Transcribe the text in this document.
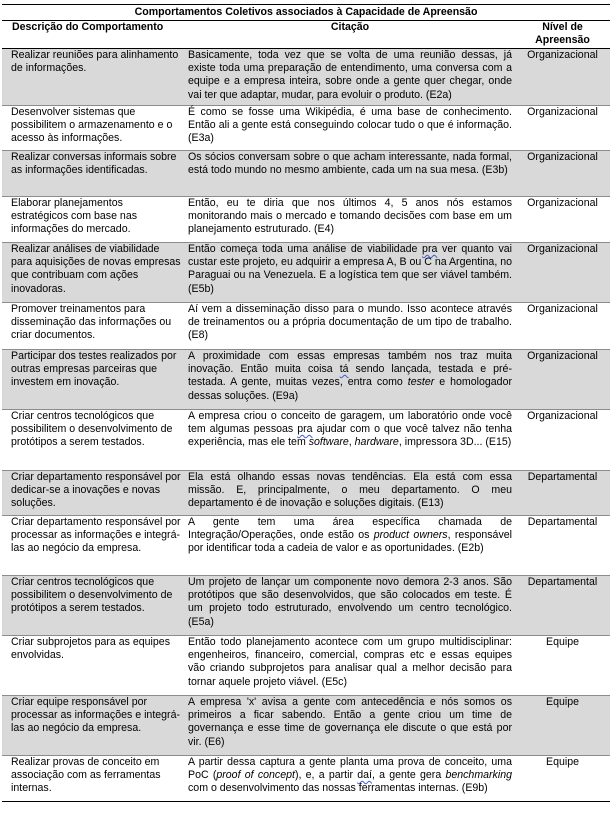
Comportamentos Coletivos associados à Capacidade de Apreensão		
Descrição do Comportamento	Citação	Nível de Apreensão
Realizar reuniões para alinhamento de informações.	Basicamente, toda vez que se volta de uma reunião dessas, já existe toda uma preparação de entendimento, uma conversa com a equipe e a empresa inteira, sobre onde a gente quer chegar, onde vai ter que adaptar, mudar, para evoluir o produto. (E2a)	Organizacional
Desenvolver sistemas que possibilitem o armazenamento e o acesso às informações.	É como se fosse uma Wikipédia, é uma base de conhecimento. Então ali a gente está conseguindo colocar tudo o que é informação. (E3a)	Organizacional
Realizar conversas informais sobre as informações identificadas.	Os sócios conversam sobre o que acham interessante, nada formal, está todo mundo no mesmo ambiente, cada um na sua mesa. (E3b)	Organizacional
Elaborar planejamentos estratégicos com base nas informações do mercado.	Então, eu te diria que nos últimos 4, 5 anos nós estamos monitorando mais o mercado e tomando decisões com base em um planejamento estruturado. (E4)	Organizacional
Realizar análises de viabilidade para aquisições de novas empresas que contribuam com ações inovadoras.	Então começa toda uma análise de viabilidade pra ver quanto vai custar este projeto, eu adquirir a empresa A, B ou C na Argentina, no Paraguai ou na Venezuela. E a logística tem que ser viável também. (E5b)	Organizacional
Promover treinamentos para disseminação das informações ou criar documentos.	Aí vem a disseminação disso para o mundo. Isso acontece através de treinamentos ou a própria documentação de um tipo de trabalho. (E8)	Organizacional
Participar dos testes realizados por outras empresas parceiras que investem em inovação.	A proximidade com essas empresas também nos traz muita inovação. Então muita coisa tá sendo lançada, testada e pré-testada. A gente, muitas vezes, entra como tester e homologador dessas soluções. (E9a)	Organizacional
Criar centros tecnológicos que possibilitem o desenvolvimento de protótipos a serem testados.	A empresa criou o conceito de garagem, um laboratório onde você tem algumas pessoas pra ajudar com o que você talvez não tenha experiência, mas ele tem software, hardware, impressora 3D... (E15)	Organizacional
Criar departamento responsável por dedicar-se a inovações e novas soluções.	Ela está olhando essas novas tendências. Ela está com essa missão. E, principalmente, o meu departamento. O meu departamento é de inovação e soluções digitais. (E13)	Departamental
Criar departamento responsável por processar as informações e integrá-las ao negócio da empresa.	A gente tem uma área específica chamada de Integração/Operações, onde estão os product owners, responsável por identificar toda a cadeia de valor e as oportunidades. (E2b)	Departamental
Criar centros tecnológicos que possibilitem o desenvolvimento de protótipos a serem testados.	Um projeto de lançar um componente novo demora 2-3 anos. São protótipos que são desenvolvidos, que são colocados em teste. É um projeto todo estruturado, envolvendo um centro tecnológico. (E5a)	Departamental
Criar subprojetos para as equipes envolvidas.	Então todo planejamento acontece com um grupo multidisciplinar: engenheiros, financeiro, comercial, compras etc e essas equipes vão criando subprojetos para analisar qual a melhor decisão para tornar aquele projeto viável. (E5c)	Equipe
Criar equipe responsável por processar as informações e integrá-las ao negócio da empresa.	A empresa 'x' avisa a gente com antecedência e nós somos os primeiros a ficar sabendo. Então a gente criou um time de governança e esse time de governança ele discute o que está por vir. (E6)	Equipe
Realizar provas de conceito em associação com as ferramentas internas.	A partir dessa captura a gente planta uma prova de conceito, uma PoC (proof of concept), e, a partir daí, a gente gera benchmarking com o desenvolvimento das nossas ferramentas internas. (E9b)	Equipe
